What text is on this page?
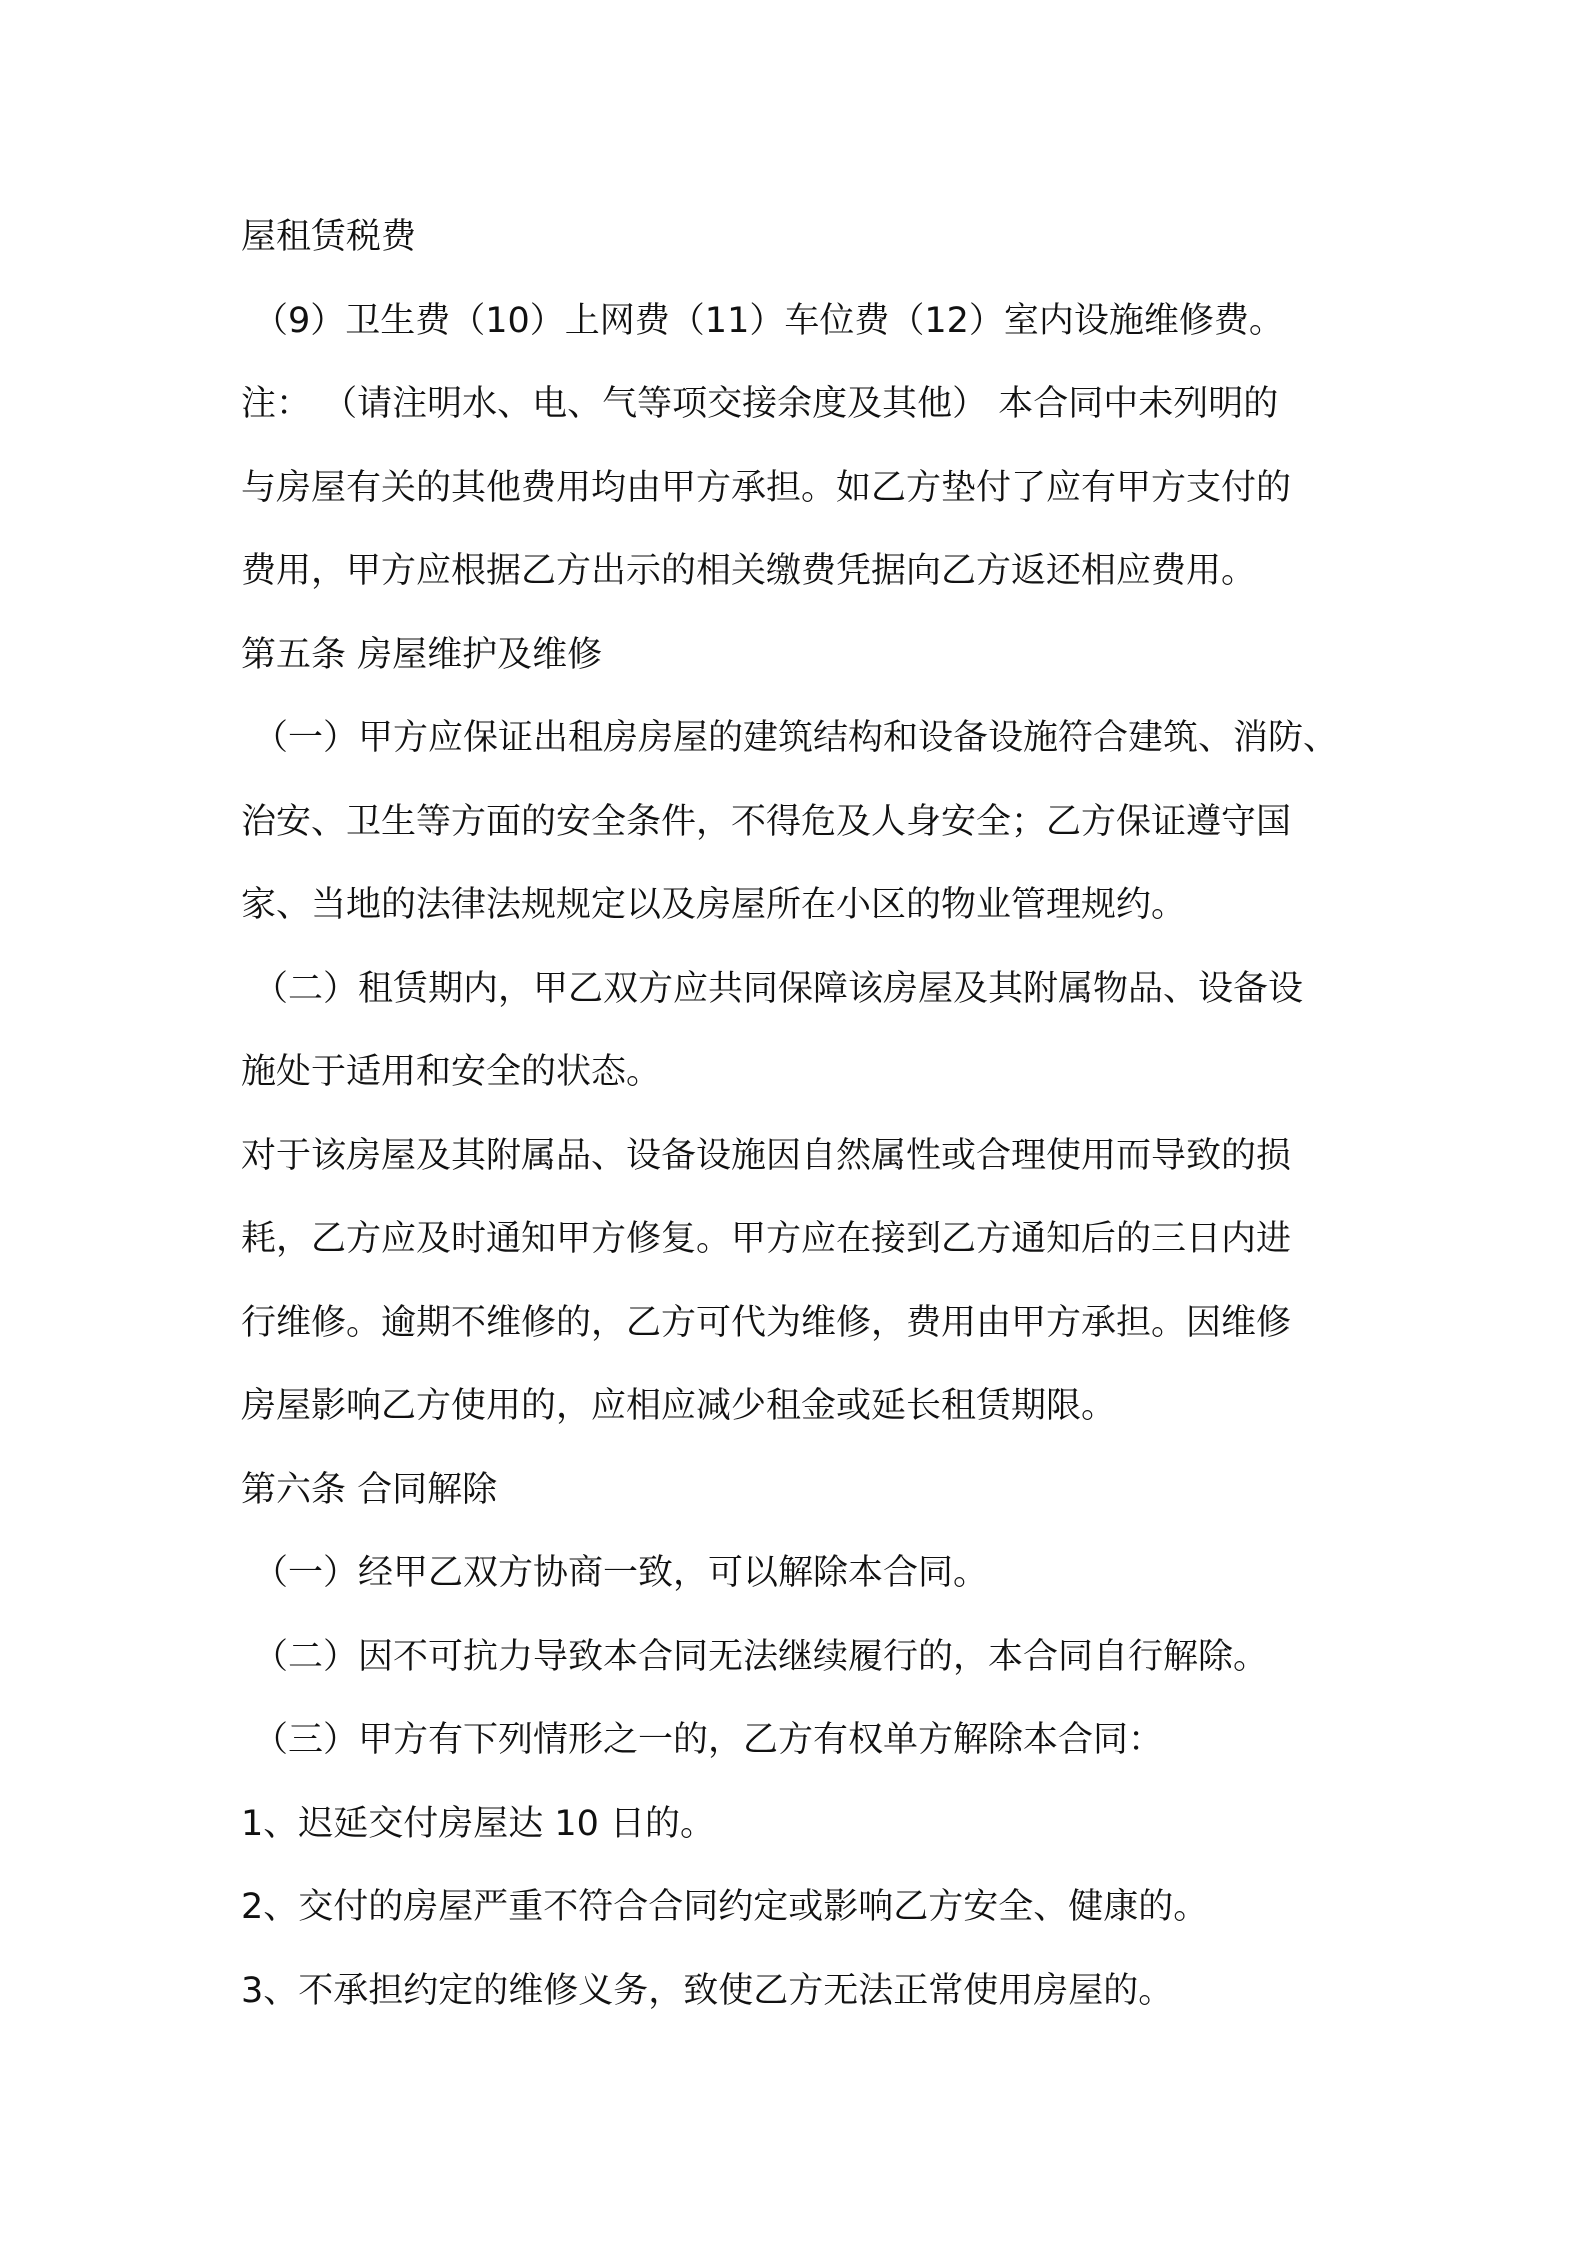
屋租赁税费
（9）卫生费（10）上网费（11）车位费（12）室内设施维修费。
注： （请注明水、电、气等项交接余度及其他） 本合同中未列明的
与房屋有关的其他费用均由甲方承担。如乙方垫付了应有甲方支付的
费用，甲方应根据乙方出示的相关缴费凭据向乙方返还相应费用。
第五条 房屋维护及维修
（一）甲方应保证出租房房屋的建筑结构和设备设施符合建筑、消防、
治安、卫生等方面的安全条件，不得危及人身安全；乙方保证遵守国
家、当地的法律法规规定以及房屋所在小区的物业管理规约。
（二）租赁期内，甲乙双方应共同保障该房屋及其附属物品、设备设
施处于适用和安全的状态。
对于该房屋及其附属品、设备设施因自然属性或合理使用而导致的损
耗，乙方应及时通知甲方修复。甲方应在接到乙方通知后的三日内进
行维修。逾期不维修的，乙方可代为维修，费用由甲方承担。因维修
房屋影响乙方使用的，应相应减少租金或延长租赁期限。
第六条 合同解除
（一）经甲乙双方协商一致，可以解除本合同。
（二）因不可抗力导致本合同无法继续履行的，本合同自行解除。
（三）甲方有下列情形之一的，乙方有权单方解除本合同：
1、迟延交付房屋达 10 日的。
2、交付的房屋严重不符合合同约定或影响乙方安全、健康的。
3、不承担约定的维修义务，致使乙方无法正常使用房屋的。
